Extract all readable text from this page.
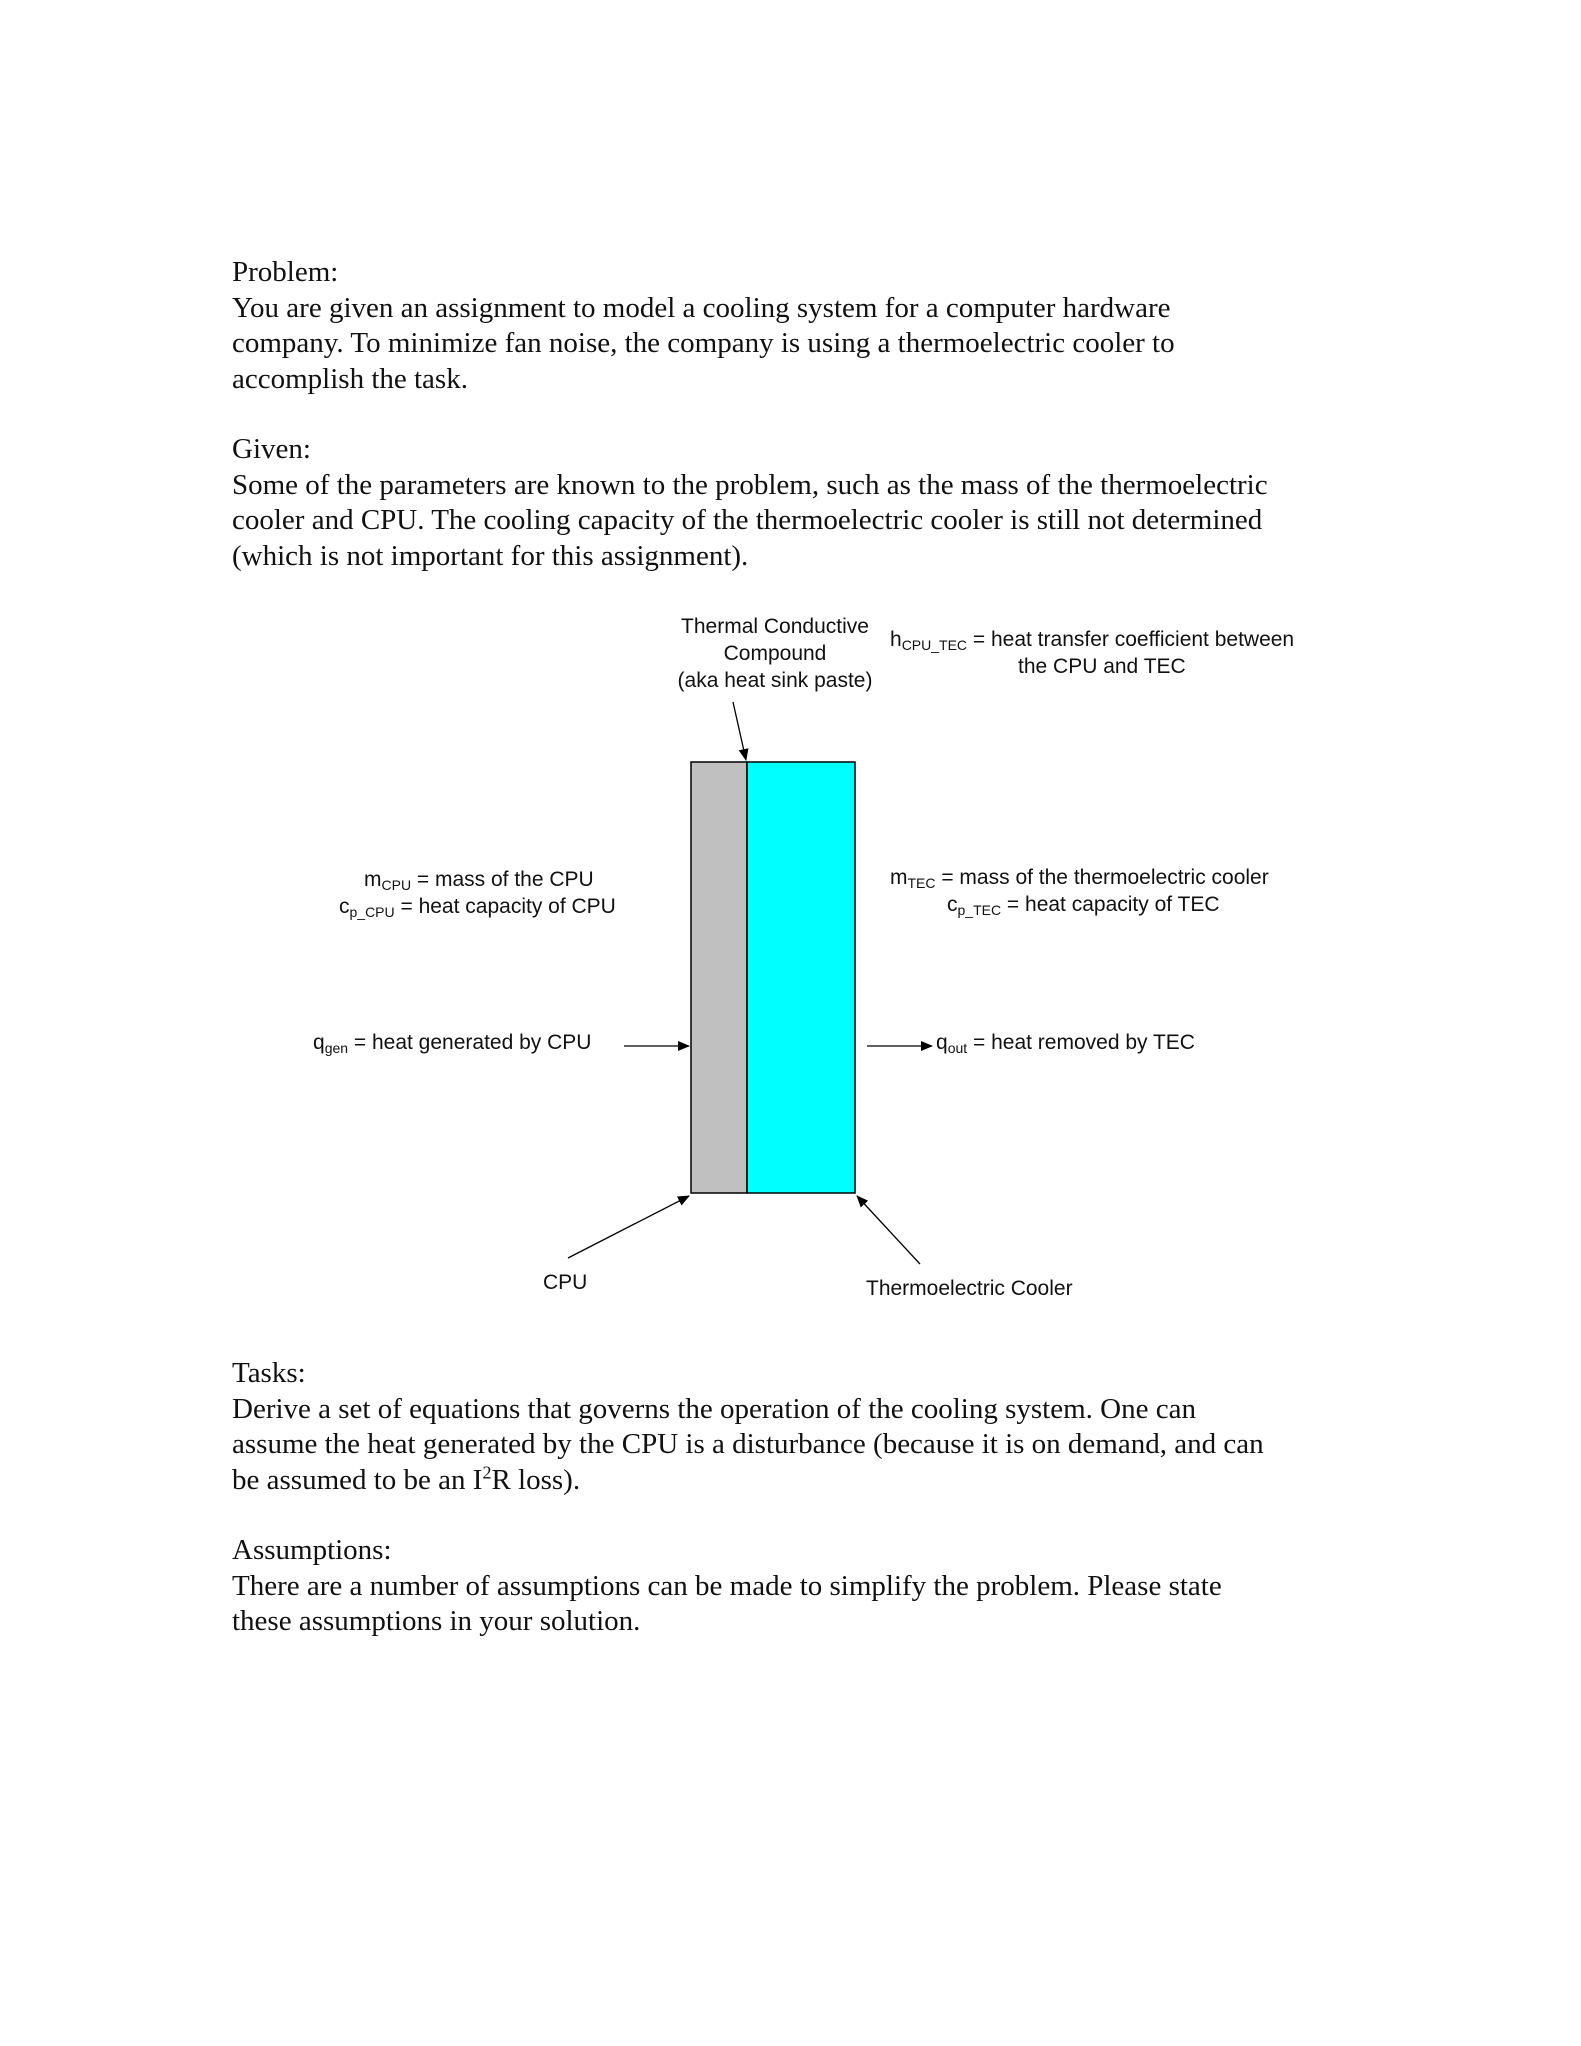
Problem:
You are given an assignment to model a cooling system for a computer hardware
company. To minimize fan noise, the company is using a thermoelectric cooler to
accomplish the task.
Given:
Some of the parameters are known to the problem, such as the mass of the thermoelectric
cooler and CPU. The cooling capacity of the thermoelectric cooler is still not determined
(which is not important for this assignment).
Thermal Conductive
Compound
(aka heat sink paste)
$h_{CPU\_TEC}$ = heat transfer coefficient between
the CPU and TEC
$m_{CPU}$ = mass of the CPU
$c_{p\_CPU}$ = heat capacity of CPU
$m_{TEC}$ = mass of the thermoelectric cooler
$c_{p\_TEC}$ = heat capacity of TEC
$q_{gen}$ = heat generated by CPU	$q_{out}$ = heat removed by TEC
CPU	Thermoelectric Cooler
Tasks:
Derive a set of equations that governs the operation of the cooling system. One can
assume the heat generated by the CPU is a disturbance (because it is on demand, and can
be assumed to be an $I^2R$ loss).
Assumptions:
There are a number of assumptions can be made to simplify the problem. Please state
these assumptions in your solution.
